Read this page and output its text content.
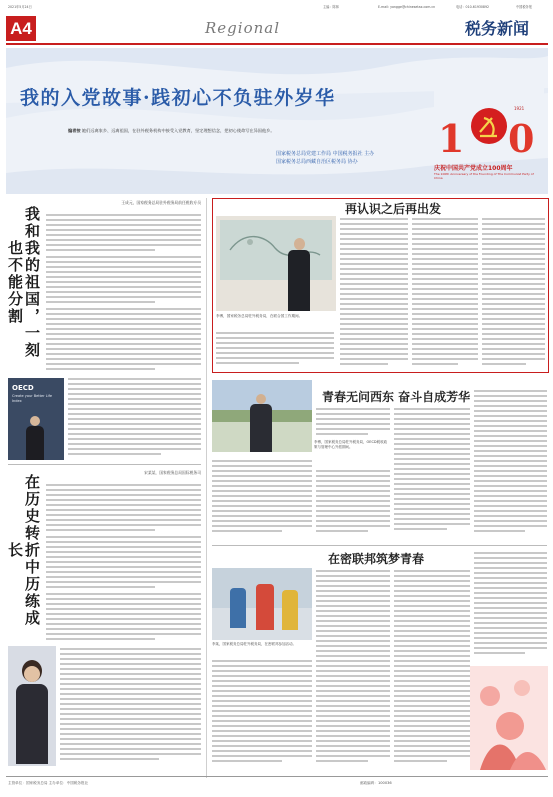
2021年5月24日	主编：陈林	E-mail: yongge@chinesetax.com.cn	电话：010-61930892	中国税务报
A4	Regional	税务新闻
我的入党故事·践初心不负驻外岁华
编者按 她们远离家乡、远离祖国，在驻外税务机构中接受入党教育，坚定理想信念，把初心使命写在异国他乡。
国家税务总局党建工作局 中国税务报社 主办
国家税务总局西藏自治区税务局 协办
1 0
1921
庆祝中国共产党成立100周年
The 100th Anniversary of the Founding of The Communist Party of China
我和我的祖国，一刻也不能分割
王成元，国家税务总局驻外税务局前任税收专员
OECD
Create your Better Life Index
在历史转折中历练成长
宋某某，国家税务总局国际税务司
再认识之后再出发
李博，国家税务总局驻外税务局，在联合国工作期间。
李博，国家税务总局驻外税务局，OECD税收政策与管理中心外派期间。
青春无问西东 奋斗自成芳华
在密联邦筑梦青春
李某，国家税务总局驻外税务局，在密联邦参加活动。
主管单位：国家税务总局 主办单位：中国税务报社	邮政编码：100036
